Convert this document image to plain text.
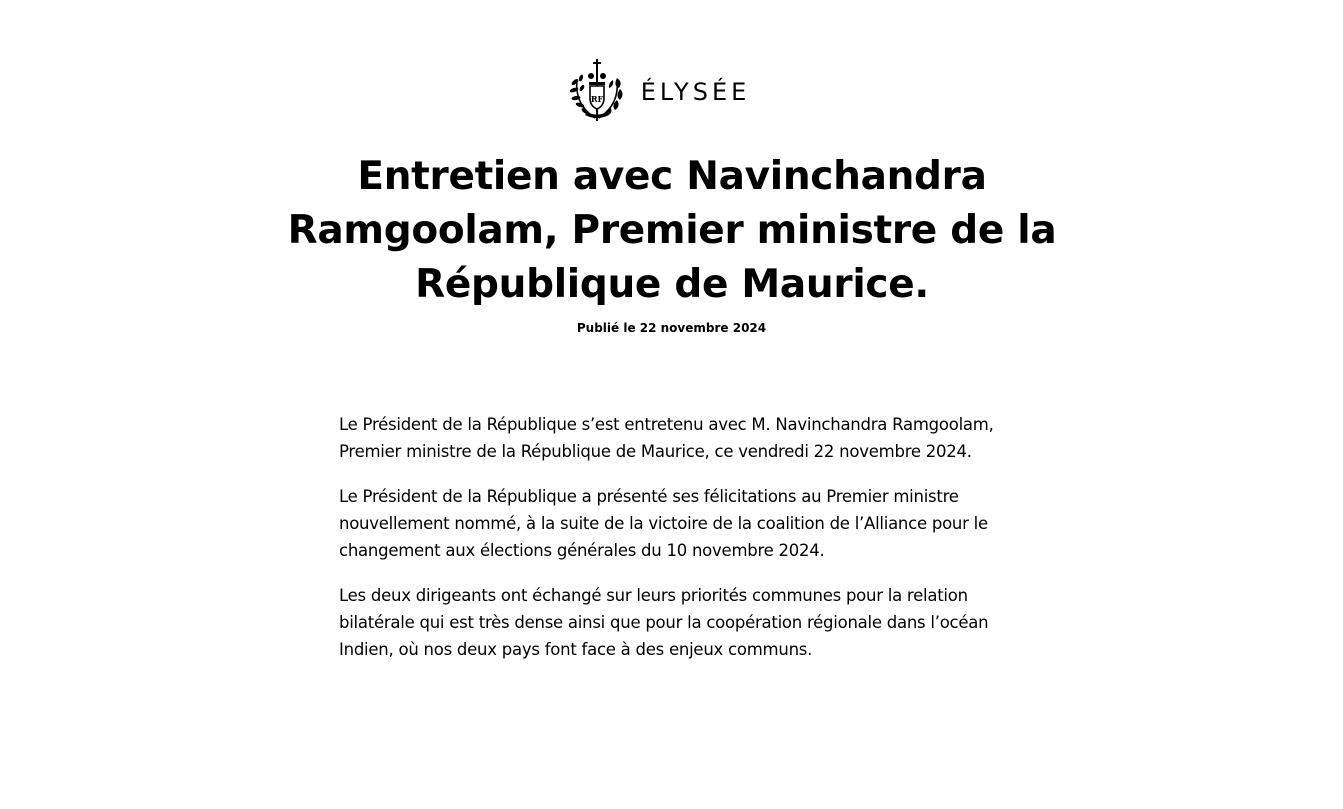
RF ÉLYSÉE
Entretien avec Navinchandra Ramgoolam, Premier ministre de la République de Maurice.
Publié le 22 novembre 2024

Le Président de la République s’est entretenu avec M. Navinchandra Ramgoolam, Premier ministre de la République de Maurice, ce vendredi 22 novembre 2024.

Le Président de la République a présenté ses félicitations au Premier ministre nouvellement nommé, à la suite de la victoire de la coalition de l’Alliance pour le changement aux élections générales du 10 novembre 2024.

Les deux dirigeants ont échangé sur leurs priorités communes pour la relation bilatérale qui est très dense ainsi que pour la coopération régionale dans l’océan Indien, où nos deux pays font face à des enjeux communs.
